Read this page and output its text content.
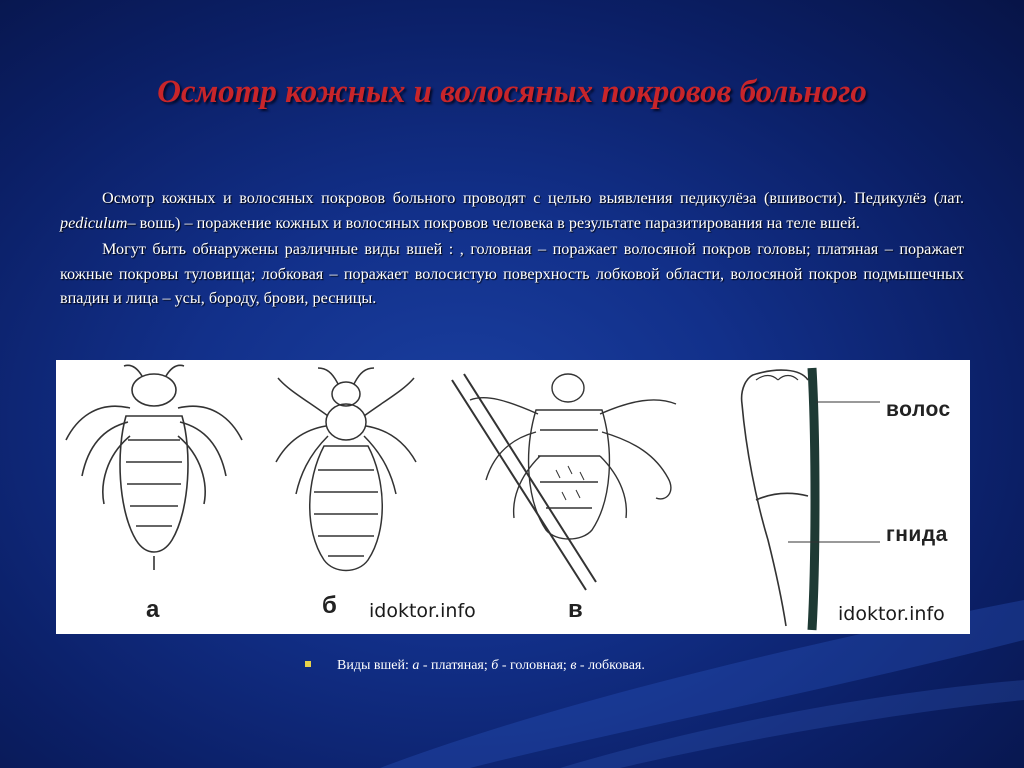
Осмотр кожных и волосяных покровов больного

Осмотр кожных и волосяных покровов больного проводят с целью выявления педикулёза (вшивости). Педикулёз (лат. pediculum– вошь) – поражение кожных и волосяных покровов человека в результате паразитирования на теле вшей.

Могут быть обнаружены различные виды вшей : , головная – поражает волосяной покров головы; платяная – поражает кожные покровы туловища; лобковая – поражает волосистую поверхность лобковой области, волосяной покров подмышечных впадин и лица – усы, бороду, брови, ресницы.

а	б idoktor.info	в	idoktor.info
волос
гнида
Виды вшей: а - платяная; б - головная; в - лобковая.
